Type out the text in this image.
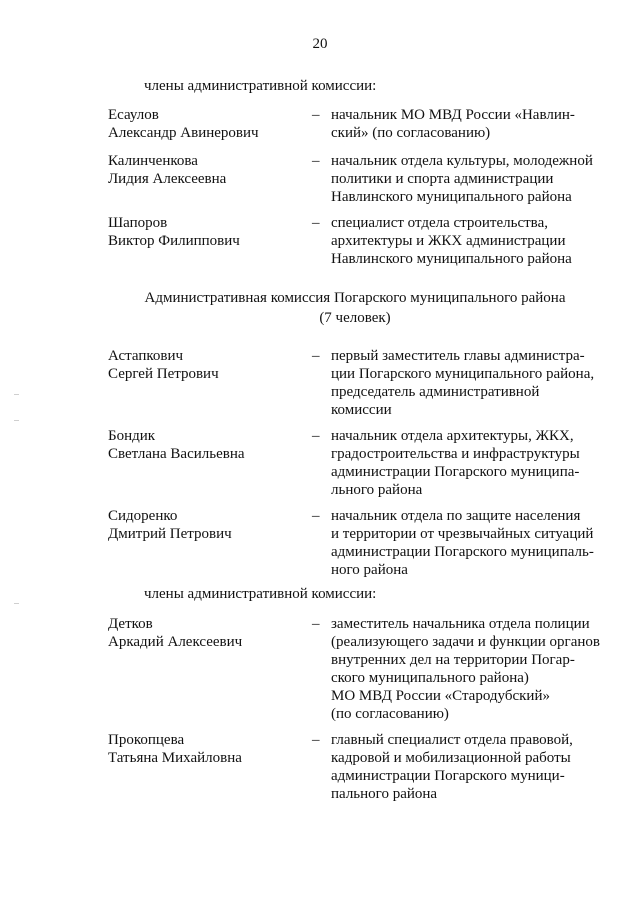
20
члены административной комиссии:
Есаулов
Александр Авинерович
– начальник МО МВД России «Навлин-
ский» (по согласованию)
Калинченкова
Лидия Алексеевна
– начальник отдела культуры, молодежной
политики и спорта администрации
Навлинского муниципального района
Шапоров
Виктор Филиппович
– специалист отдела строительства,
архитектуры и ЖКХ администрации
Навлинского муниципального района
Административная комиссия Погарского муниципального района
(7 человек)
Астапкович
Сергей Петрович
– первый заместитель главы администра-
ции Погарского муниципального района,
председатель административной
комиссии
Бондик
Светлана Васильевна
– начальник отдела архитектуры, ЖКХ,
градостроительства и инфраструктуры
администрации Погарского муниципа-
льного района
Сидоренко
Дмитрий Петрович
– начальник отдела по защите населения
и территории от чрезвычайных ситуаций
администрации Погарского муниципаль-
ного района
члены административной комиссии:
Детков
Аркадий Алексеевич
– заместитель начальника отдела полиции
(реализующего задачи и функции органов
внутренних дел на территории Погар-
ского муниципального района)
МО МВД России «Стародубский»
(по согласованию)
Прокопцева
Татьяна Михайловна
– главный специалист отдела правовой,
кадровой и мобилизационной работы
администрации Погарского муници-
пального района
